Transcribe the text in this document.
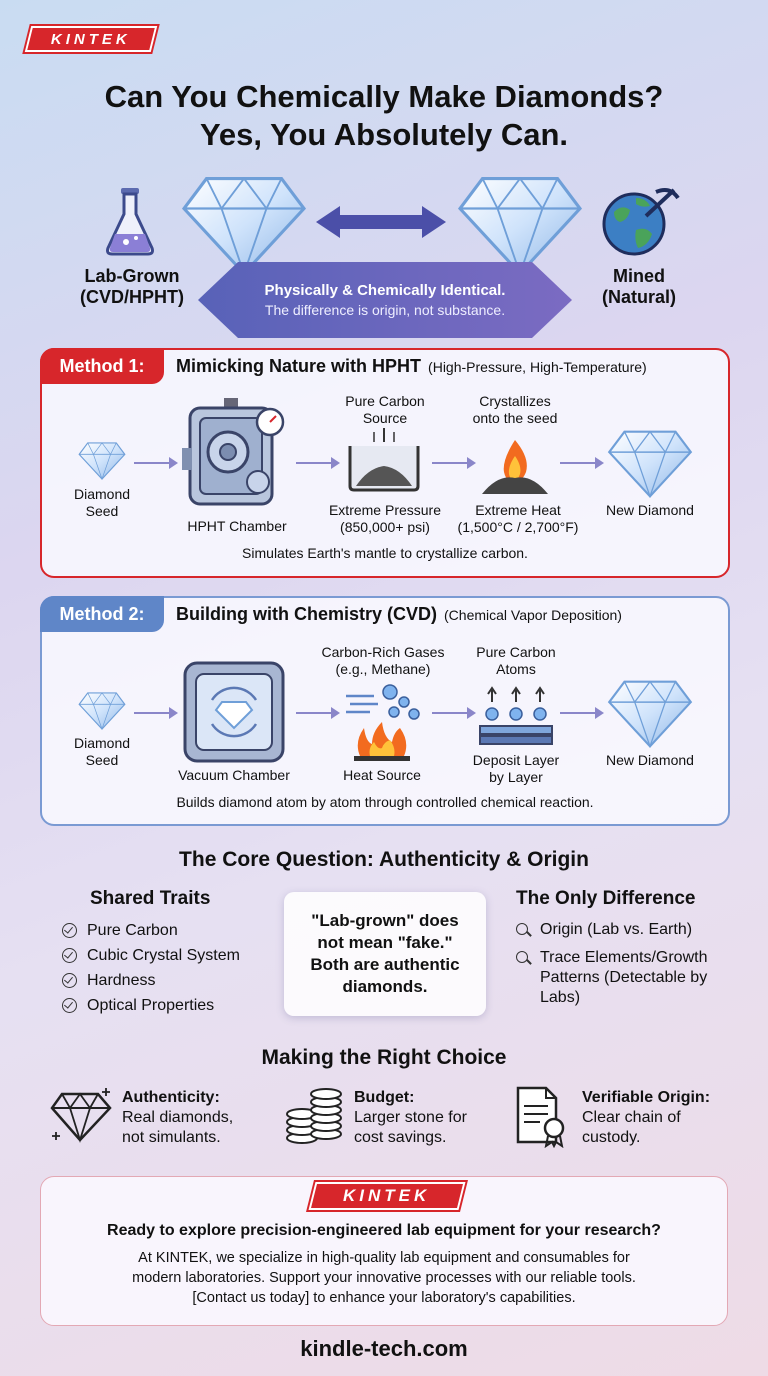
KINTEK
Can You Chemically Make Diamonds?
Yes, You Absolutely Can.
Lab-Grown
(CVD/HPHT)
Mined
(Natural)
Physically & Chemically Identical.
The difference is origin, not substance.
Method 1:	Mimicking Nature with HPHT (High-Pressure, High-Temperature)
Diamond
Seed
HPHT Chamber
Pure Carbon
Source
Extreme Pressure
(850,000+ psi)
Crystallizes
onto the seed
Extreme Heat
(1,500°C / 2,700°F)
New Diamond
Simulates Earth's mantle to crystallize carbon.
Method 2:	Building with Chemistry (CVD) (Chemical Vapor Deposition)
Diamond
Seed
Vacuum Chamber
Carbon-Rich Gases
(e.g., Methane)
Heat Source
Pure Carbon
Atoms
Deposit Layer
by Layer
New Diamond
Builds diamond atom by atom through controlled chemical reaction.
The Core Question: Authenticity & Origin
Shared Traits
Pure Carbon
Cubic Crystal System
Hardness
Optical Properties
"Lab-grown" does not mean "fake." Both are authentic diamonds.
The Only Difference
Origin (Lab vs. Earth)
Trace Elements/Growth Patterns (Detectable by Labs)
Making the Right Choice
Authenticity:
Real diamonds,
not simulants.
Budget:
Larger stone for
cost savings.
Verifiable Origin:
Clear chain of
custody.
KINTEK
Ready to explore precision-engineered lab equipment for your research?
At KINTEK, we specialize in high-quality lab equipment and consumables for
modern laboratories. Support your innovative processes with our reliable tools.
[Contact us today] to enhance your laboratory's capabilities.
kindle-tech.com
